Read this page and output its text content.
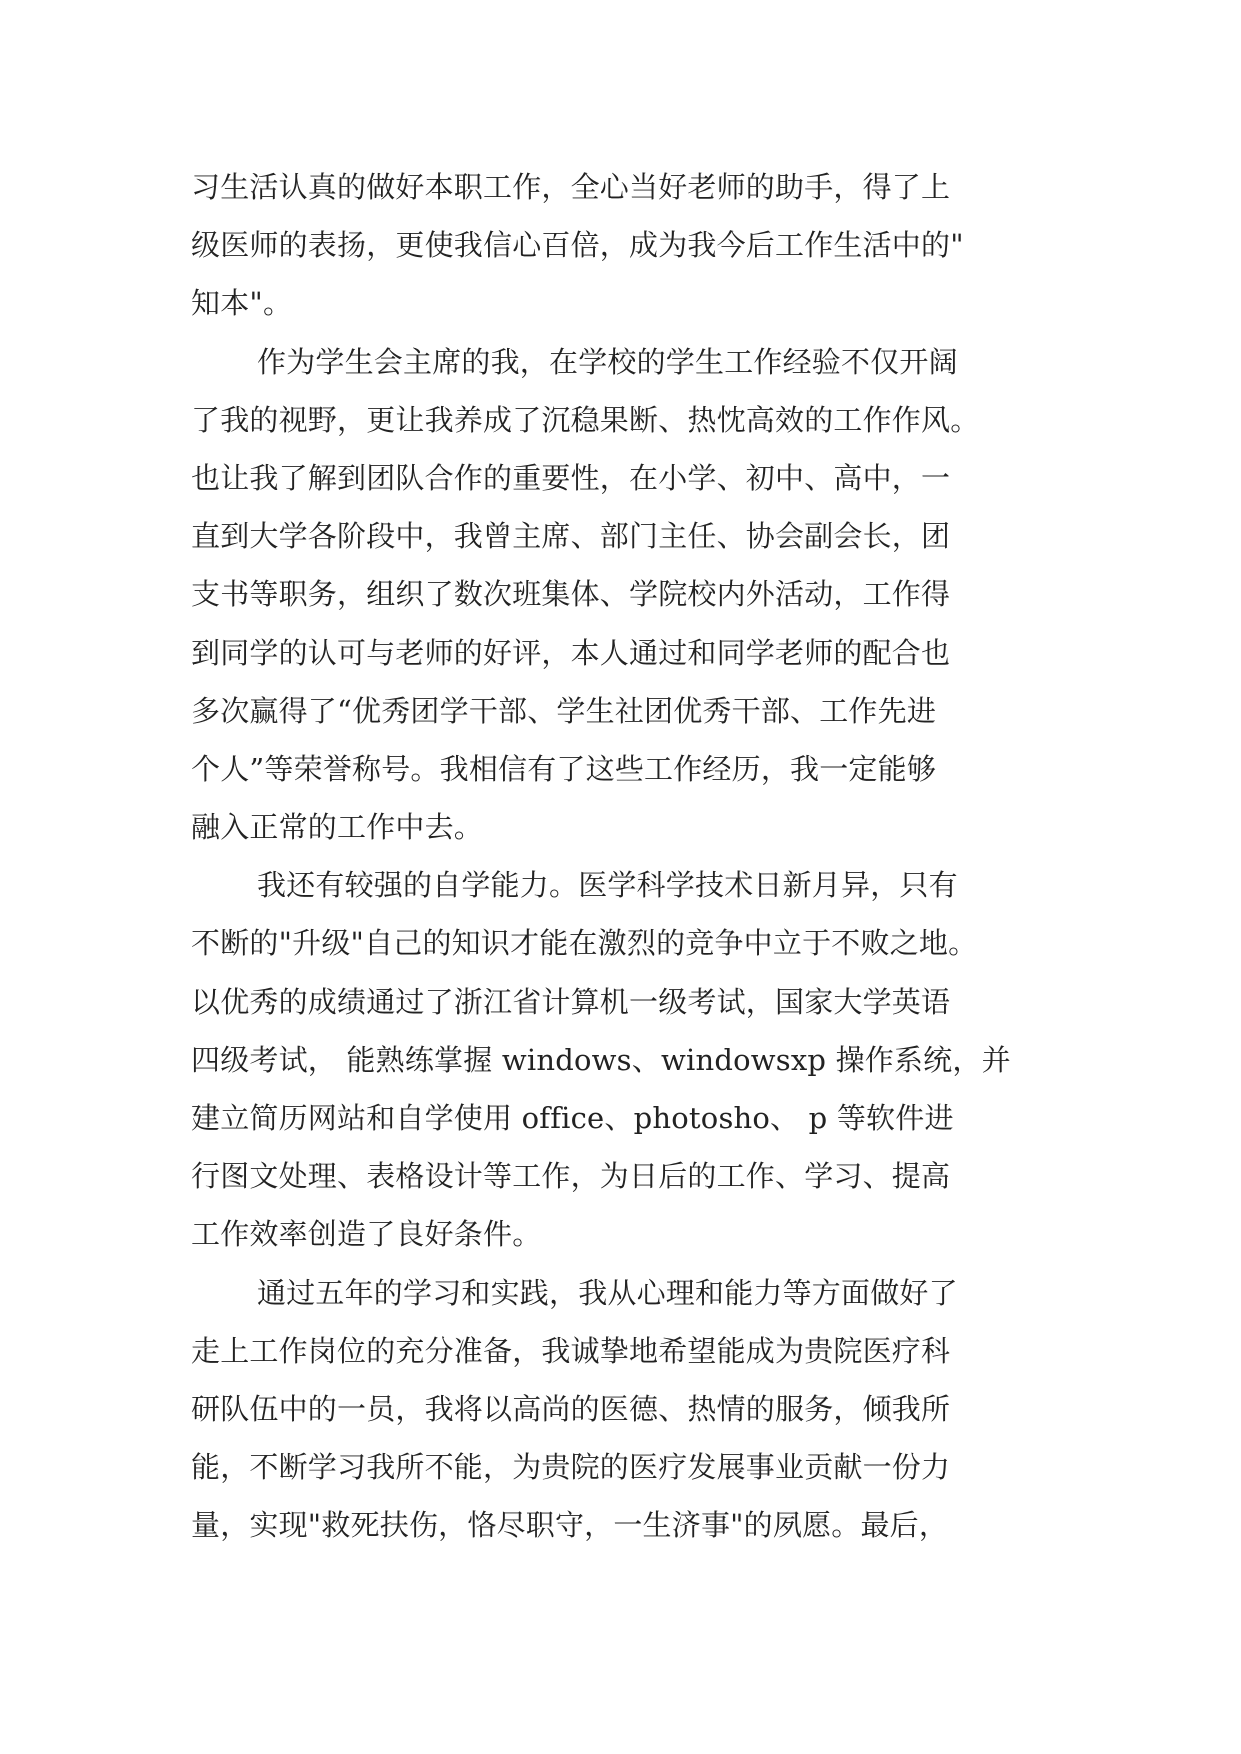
习生活认真的做好本职工作，全心当好老师的助手，得了上
级医师的表扬，更使我信心百倍，成为我今后工作生活中的"
知本"。
作为学生会主席的我，在学校的学生工作经验不仅开阔
了我的视野，更让我养成了沉稳果断、热忱高效的工作作风。
也让我了解到团队合作的重要性，在小学、初中、高中，一
直到大学各阶段中，我曾主席、部门主任、协会副会长，团
支书等职务，组织了数次班集体、学院校内外活动，工作得
到同学的认可与老师的好评，本人通过和同学老师的配合也
多次赢得了“优秀团学干部、学生社团优秀干部、工作先进
个人”等荣誉称号。我相信有了这些工作经历，我一定能够
融入正常的工作中去。
我还有较强的自学能力。医学科学技术日新月异，只有
不断的"升级"自己的知识才能在激烈的竞争中立于不败之地。
以优秀的成绩通过了浙江省计算机一级考试，国家大学英语
四级考试， 能熟练掌握 windows、windowsxp 操作系统，并
建立简历网站和自学使用 office、photosho、 p 等软件进
行图文处理、表格设计等工作，为日后的工作、学习、提高
工作效率创造了良好条件。
通过五年的学习和实践，我从心理和能力等方面做好了
走上工作岗位的充分准备，我诚挚地希望能成为贵院医疗科
研队伍中的一员，我将以高尚的医德、热情的服务，倾我所
能，不断学习我所不能，为贵院的医疗发展事业贡献一份力
量，实现"救死扶伤，恪尽职守，一生济事"的夙愿。最后，
